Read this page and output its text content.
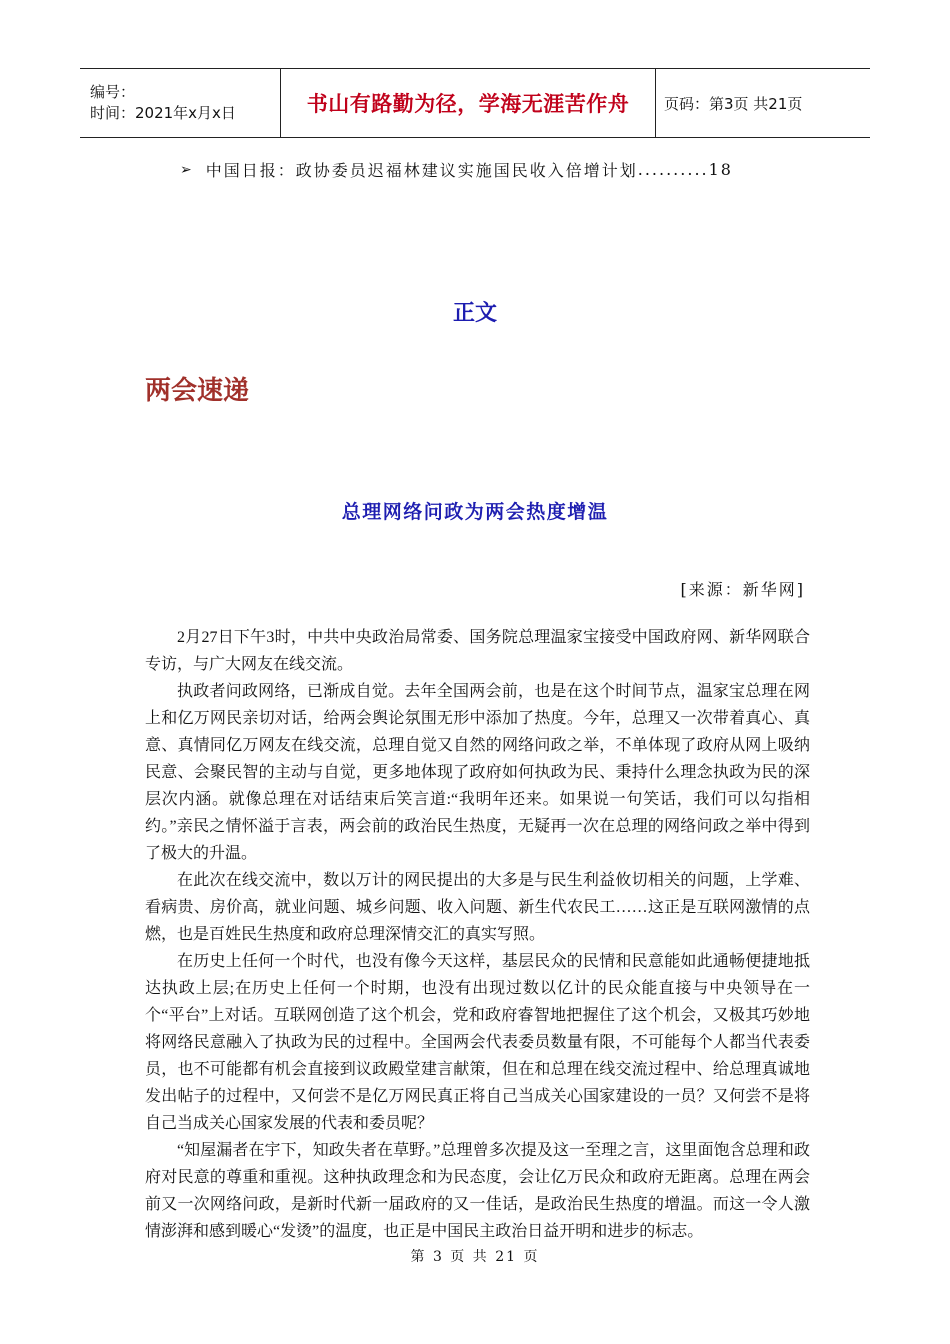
编号：
时间：2021年x月x日	书山有路勤为径，学海无涯苦作舟	页码：第3页 共21页
➢ 中国日报：政协委员迟福林建议实施国民收入倍增计划 .......... 18
正文
两会速递
总理网络问政为两会热度增温
[来源：新华网]

2月27日下午3时，中共中央政治局常委、国务院总理温家宝接受中国政府网、新华网联合专访，与广大网友在线交流。

执政者问政网络，已渐成自觉。去年全国两会前，也是在这个时间节点，温家宝总理在网上和亿万网民亲切对话，给两会舆论氛围无形中添加了热度。今年，总理又一次带着真心、真意、真情同亿万网友在线交流，总理自觉又自然的网络问政之举，不单体现了政府从网上吸纳民意、会聚民智的主动与自觉，更多地体现了政府如何执政为民、秉持什么理念执政为民的深层次内涵。就像总理在对话结束后笑言道:“我明年还来。如果说一句笑话，我们可以勾指相约。”亲民之情怀溢于言表，两会前的政治民生热度，无疑再一次在总理的网络问政之举中得到了极大的升温。

在此次在线交流中，数以万计的网民提出的大多是与民生利益攸切相关的问题，上学难、看病贵、房价高，就业问题、城乡问题、收入问题、新生代农民工……这正是互联网激情的点燃，也是百姓民生热度和政府总理深情交汇的真实写照。

在历史上任何一个时代，也没有像今天这样，基层民众的民情和民意能如此通畅便捷地抵达执政上层;在历史上任何一个时期，也没有出现过数以亿计的民众能直接与中央领导在一个“平台”上对话。互联网创造了这个机会，党和政府睿智地把握住了这个机会，又极其巧妙地将网络民意融入了执政为民的过程中。全国两会代表委员数量有限，不可能每个人都当代表委员，也不可能都有机会直接到议政殿堂建言献策，但在和总理在线交流过程中、给总理真诚地发出帖子的过程中，又何尝不是亿万网民真正将自己当成关心国家建设的一员？又何尝不是将自己当成关心国家发展的代表和委员呢？

“知屋漏者在宇下，知政失者在草野。”总理曾多次提及这一至理之言，这里面饱含总理和政府对民意的尊重和重视。这种执政理念和为民态度，会让亿万民众和政府无距离。总理在两会前又一次网络问政，是新时代新一届政府的又一佳话，是政治民生热度的增温。而这一令人激情澎湃和感到暖心“发烫”的温度，也正是中国民主政治日益开明和进步的标志。

第 3 页 共 21 页
